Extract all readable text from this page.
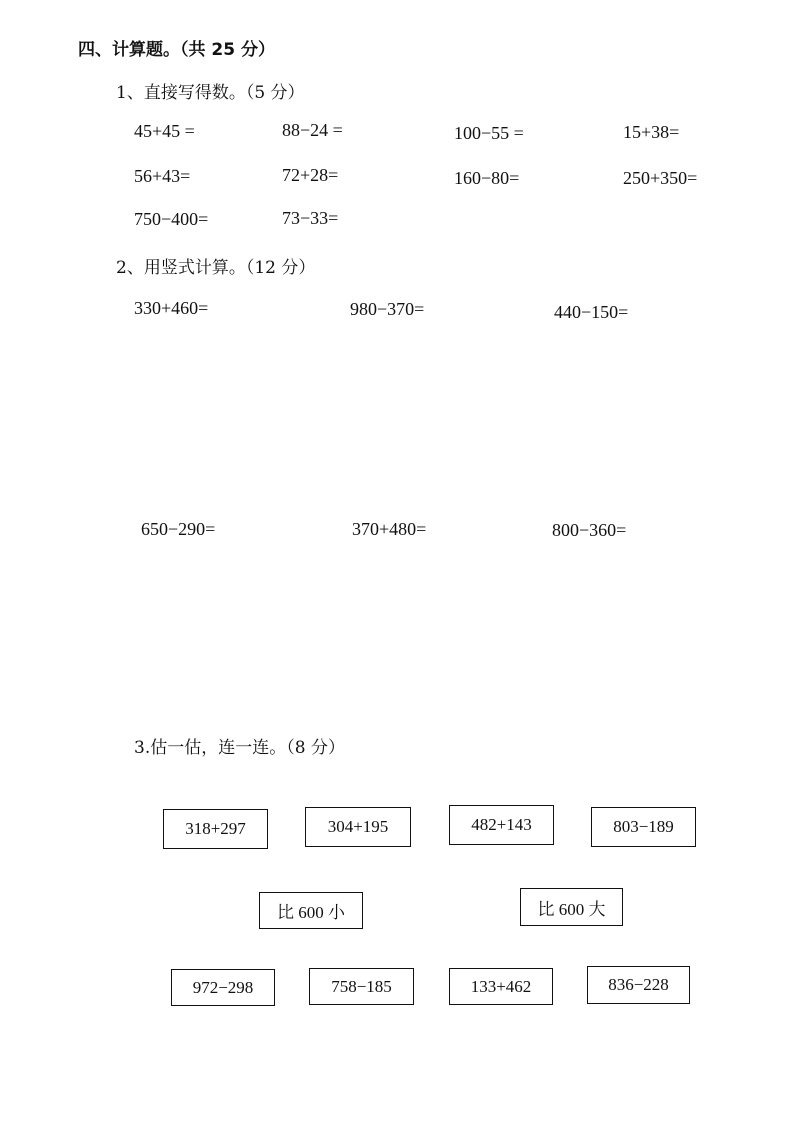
四、计算题。（共 25 分）
1、直接写得数。（5 分）
45+45 =	88−24 =	100−55 =	15+38=
56+43=	72+28=	160−80=	250+350=
750−400=	73−33=
2、用竖式计算。（12 分）
330+460=	980−370=	440−150=
650−290=	370+480=	800−360=
3.估一估，连一连。（8 分）
318+297	304+195	482+143	803−189
比 600 小	比 600 大
972−298	758−185	133+462	836−228
